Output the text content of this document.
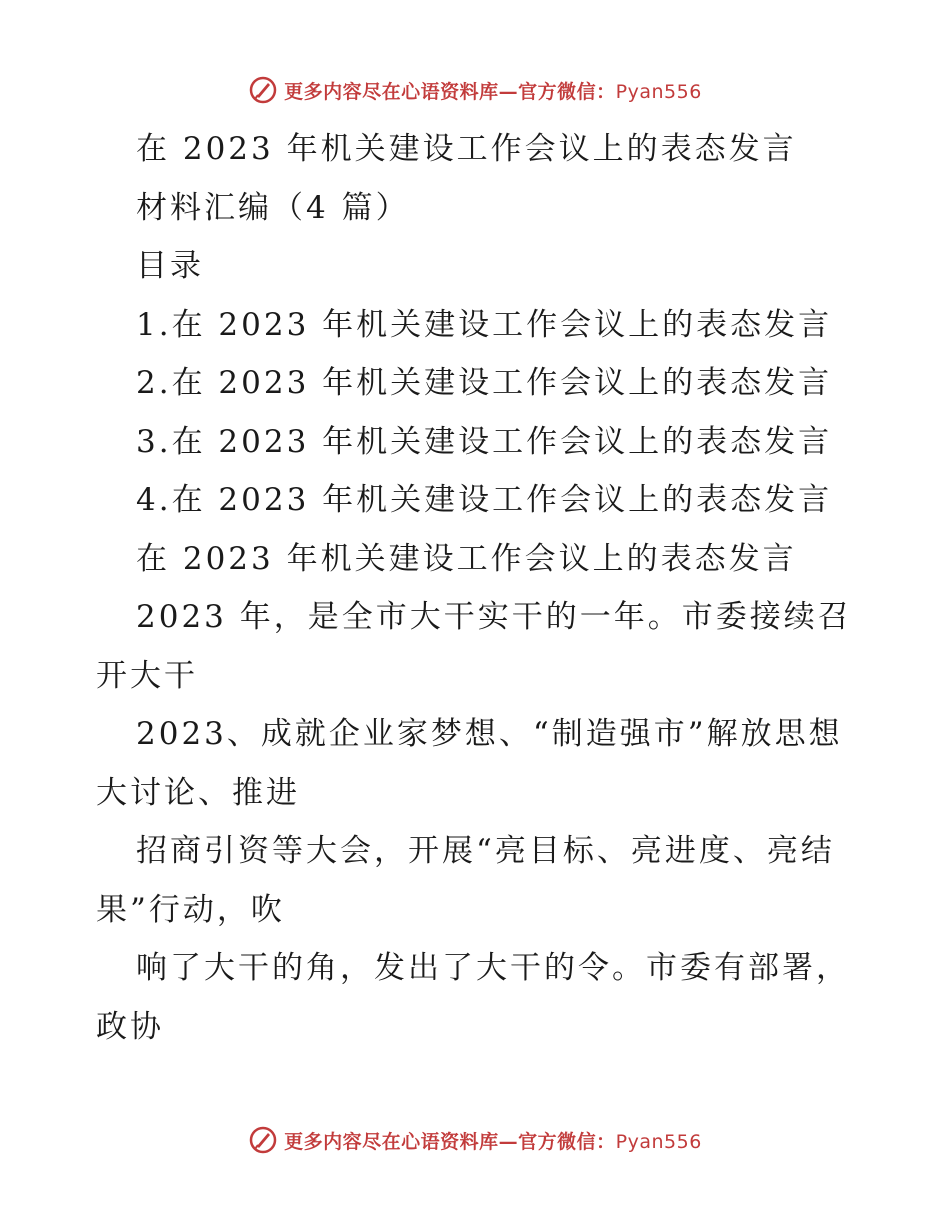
更多内容尽在心语资料库—官方微信：Pyan556
在 2023 年机关建设工作会议上的表态发言
材料汇编（4 篇）
目录
1.在 2023 年机关建设工作会议上的表态发言
2.在 2023 年机关建设工作会议上的表态发言
3.在 2023 年机关建设工作会议上的表态发言
4.在 2023 年机关建设工作会议上的表态发言
在 2023 年机关建设工作会议上的表态发言
2023 年，是全市大干实干的一年。市委接续召
开大干
2023、成就企业家梦想、“制造强市”解放思想
大讨论、推进
招商引资等大会，开展“亮目标、亮进度、亮结
果”行动，吹
响了大干的角，发出了大干的令。市委有部署，
政协
更多内容尽在心语资料库—官方微信：Pyan556
